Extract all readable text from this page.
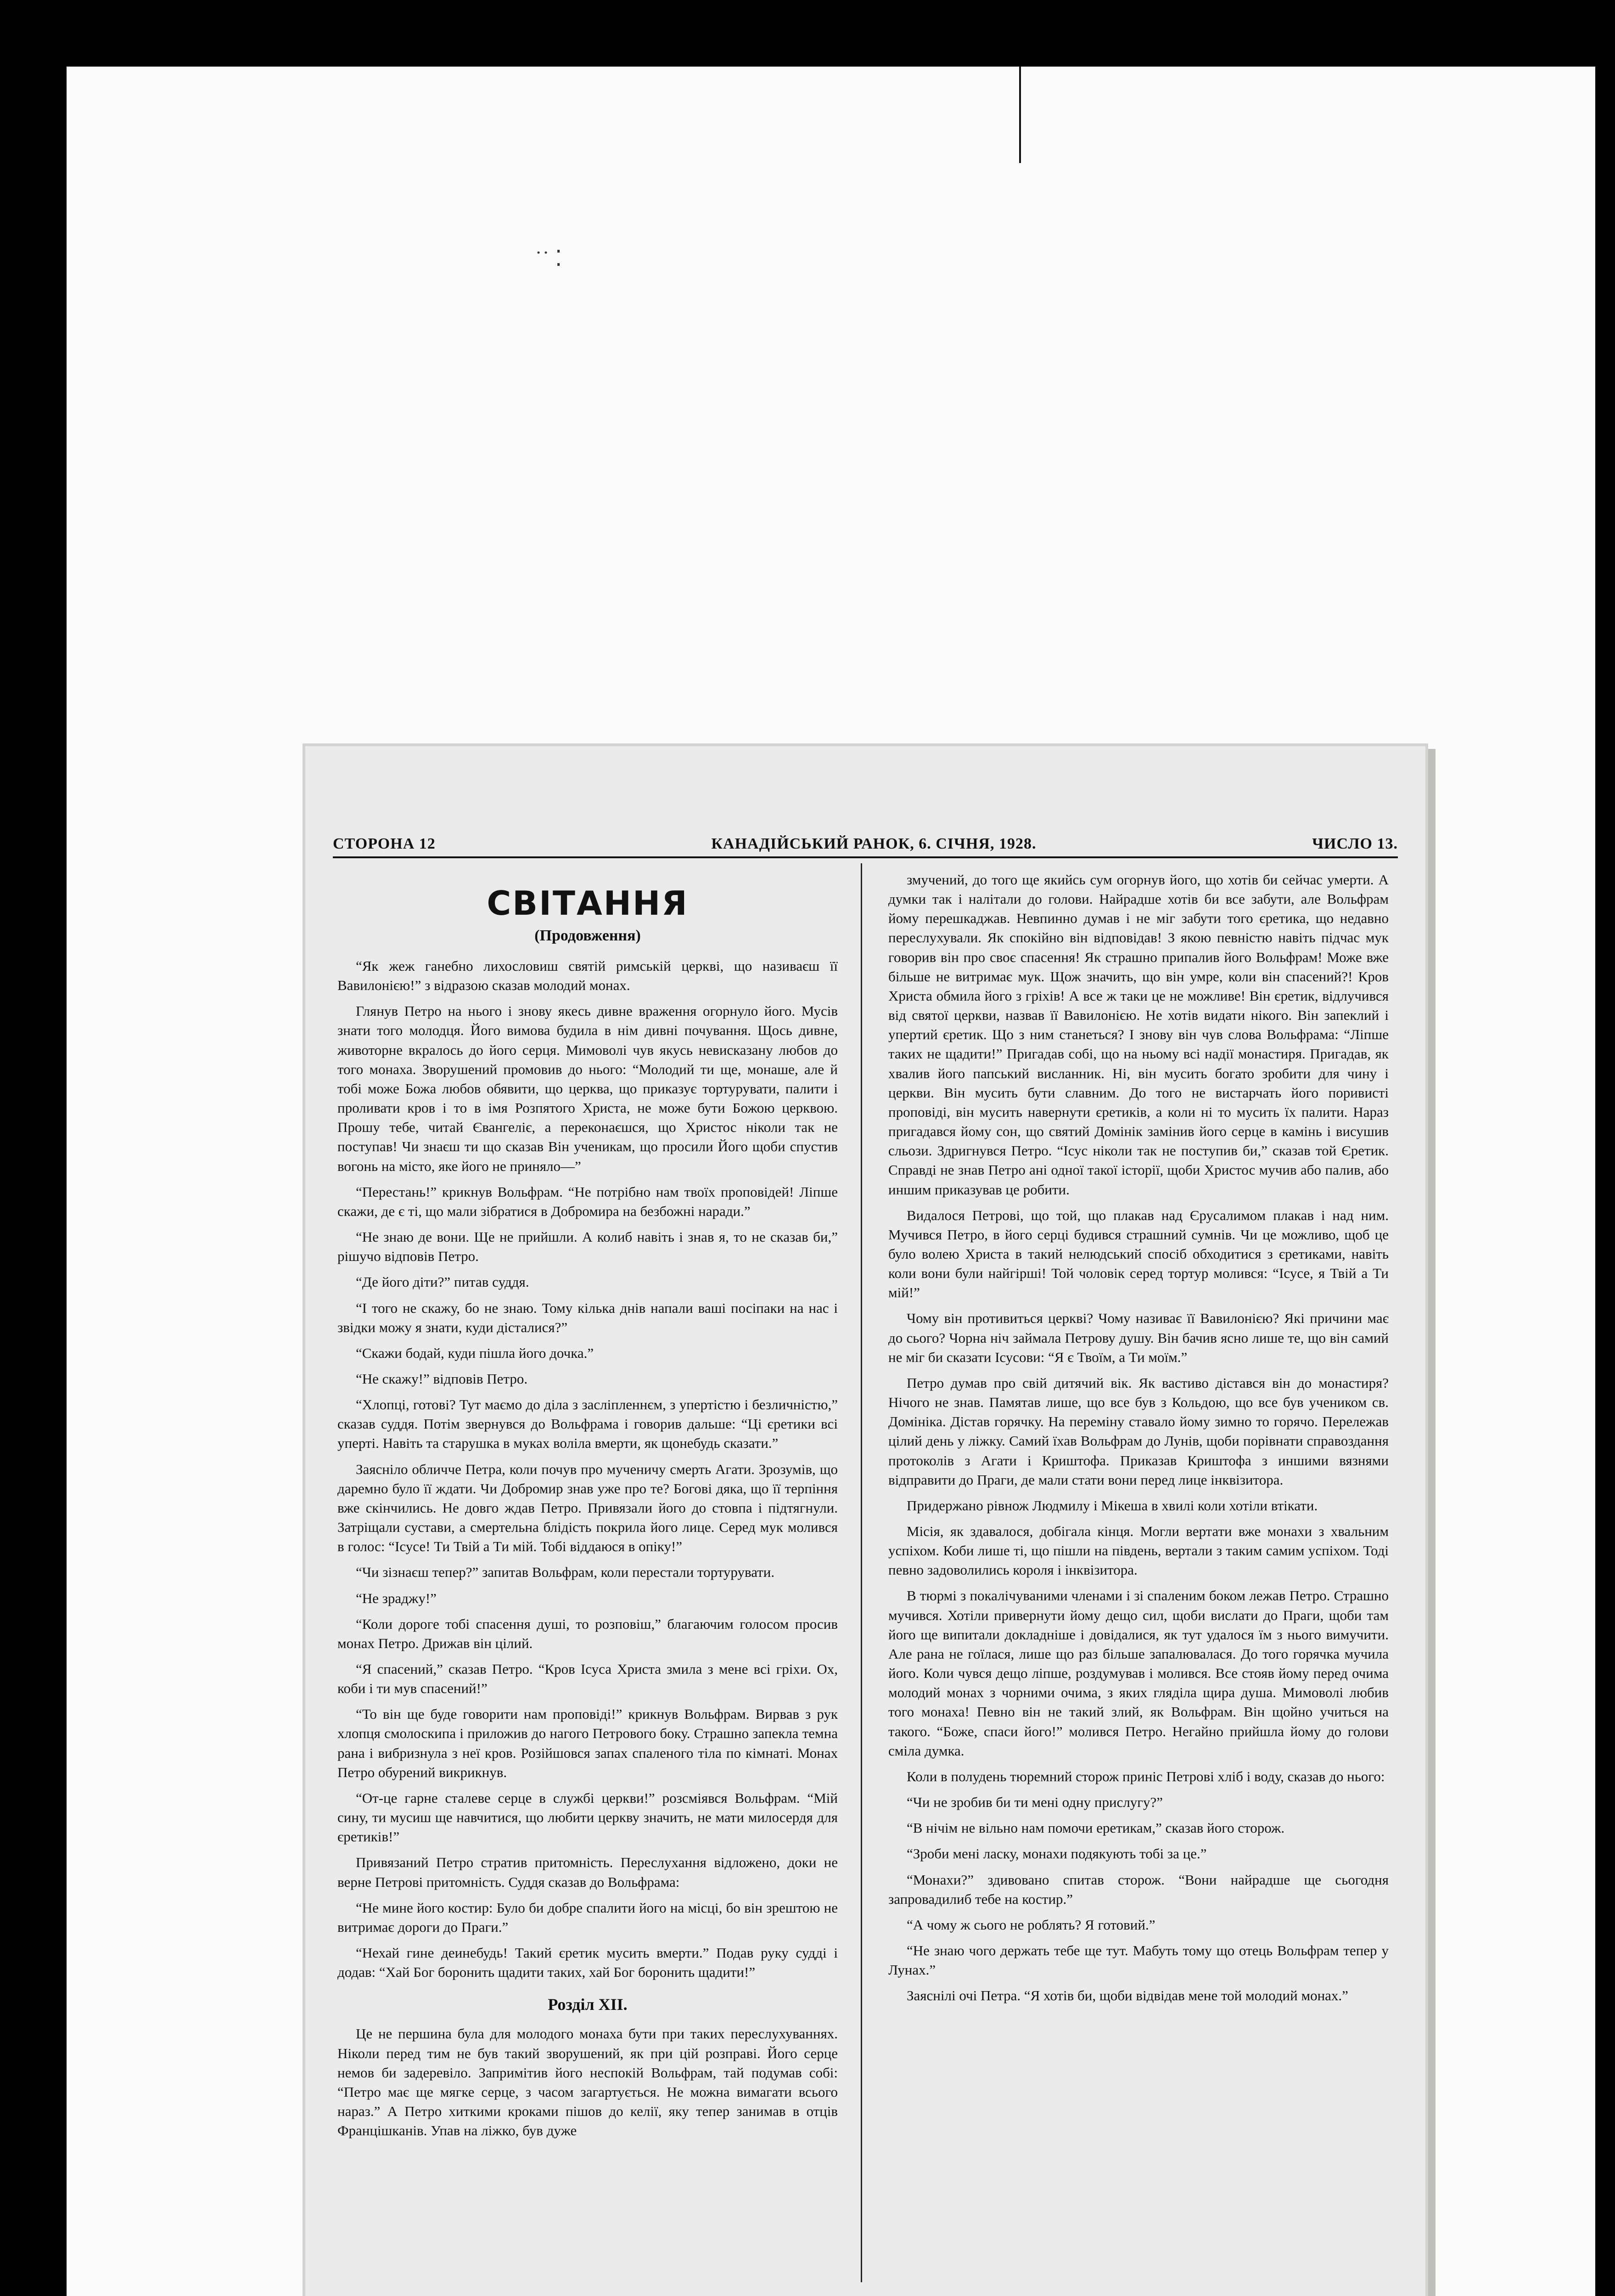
˙˙ ⁚
СТОРОНА 12	КАНАДІЙСЬКИЙ РАНОК, 6. СІЧНЯ, 1928.	ЧИСЛО 13.
СВІТАННЯ
(Продовження)

“Як жеж ганебно лихословиш святій римській церкві, що називаєш її Вавилонією!” з відразою сказав молодий монах.

Глянув Петро на нього і знову якесь дивне враження огорнуло його. Мусів знати того молодця. Його вимова будила в нім дивні почування. Щось дивне, животорне вкралось до його серця. Мимоволі чув якусь невисказану любов до того монаха. Зворушений промовив до нього: “Молодий ти ще, монаше, але й тобі може Божа любов обявити, що церква, що приказує тортурувати, палити і проливати кров і то в імя Розпятого Христа, не може бути Божою церквою. Прошу тебе, читай Євангеліє, а переконаєшся, що Христос ніколи так не поступав! Чи знаєш ти що сказав Він ученикам, що просили Його щоби спустив вогонь на місто, яке його не приняло—”

“Перестань!” крикнув Вольфрам. “Не потрібно нам твоїх проповідей! Лiпше скажи, де є ті, що мали зібратися в Добромира на безбожні наради.”

“Не знаю де вони. Ще не прийшли. А колиб навіть і знав я, то не сказав би,” рішучо відповів Петро.

“Де його діти?” питав суддя.

“І того не скажу, бо не знаю. Тому кілька днів напали ваші посіпаки на нас і звідки можу я знати, куди дісталися?”

“Скажи бодай, куди пішла його дочка.”

“Не скажу!” відповів Петро.

“Хлопці, готові? Тут маємо до діла з засліпленнєм, з упертістю і безличністю,” сказав суддя. Потім звернувся до Вольфрама і говорив дальше: “Ці єретики всі уперті. Навіть та старушка в муках воліла вмерти, як щонебудь сказати.”

Заяснілo обличче Петра, коли почув про мученичу смерть Агати. Зрозумів, що даремно було її ждати. Чи Добромир знав уже про те? Богові дяка, що її терпіння вже скінчились. Не довго ждав Петро. Привязали його до стовпа і підтягнули. Затріщали сустави, а смертельна блідість покрила його лице. Серед мук молився в голос: “Ісусе! Ти Твій а Ти мій. Тобі віддаюся в опіку!”

“Чи зізнаєш тепер?” запитав Вольфрам, коли перестали тортурувати.

“Не зраджу!”

“Коли дороге тобі спасення душі, то розповіш,” благаючим голосом просив монах Петро. Дрижав він цілий.

“Я спасений,” сказав Петро. “Кров Ісуса Христа змила з мене всі гріхи. Ох, коби і ти мув спасений!”

“То він ще буде говорити нам проповіді!” крикнув Вольфрам. Вирвав з рук хлопця смолоскипа і приложив до нагого Петрового боку. Страшно запекла темна рана і вибризнула з неї кров. Розійшовся запах спаленого тіла по кімнаті. Монах Петро обурений викрикнув.

“От-це гарне сталеве серце в службі церкви!” розсміявся Вольфрам. “Мій сину, ти мусиш ще навчитися, що любити церкву значить, не мати милосердя для єретиків!”

Привязаний Петро стратив притомність. Переслухання відложено, доки не верне Петрові притомність. Суддя сказав до Вольфрама:

“Не мине його костир: Було би добре спалити його на місці, бо він зрештою не витримає дороги до Праги.”

“Нехай гине деинебудь! Такий єретик мусить вмерти.” Подав руку судді і додав: “Хай Бог боронить щадити таких, хай Бог боронить щадити!”

Розділ XII.

Це не першина була для молодого монаха бути при таких переслухуваннях. Ніколи перед тим не був такий зворушений, як при цій розправі. Його серце немов би задеревіло. Запримітив його неспокій Вольфрам, тай подумав собі: “Петро має ще мягке серце, з часом загартується. Не можна вимагати всього нараз.” А Петро хиткими кроками пішов до келії, яку тепер занимав в отців Францішканів. Упав на ліжко, був дуже

змучений, до того ще якийсь сум огорнув його, що хотів би сейчас умерти. А думки так і налітали до голови. Найрадше хотів би все забути, але Вольфрам йому перешкаджав. Невпинно думав і не міг забути того єретика, що недавно переслухували. Як спокійно він відповідав! З якою певністю навіть підчас мук говорив він про своє спасення! Як страшно припалив його Вольфрам! Може вже більше не витримає мук. Щож значить, що він умре, коли він спасений?! Кров Христа обмила його з гріхів! А все ж таки це не можливе! Він єретик, відлучився від святої церкви, назвав її Вавилонією. Не хотів видати нікого. Він запеклий і упертий єретик. Що з ним станеться? І знову він чув слова Вольфрама: “Лiпше таких не щадити!” Пригадав собі, що на ньому всі надії монастиря. Пригадав, як хвалив його папський висланник. Ні, він мусить богато зробити для чину і церкви. Він мусить бути славним. До того не вистарчать його поривисті проповіді, він мусить навернути єретиків, а коли ні то мусить їх палити. Нараз пригадався йому сон, що святий Домінік замінив його серце в камінь і висушив сльози. Здригнувся Петро. “Ісус ніколи так не поступив би,” сказав той Єретик. Справді не знав Петро ані одної такої історії, щоби Христос мучив або палив, або иншим приказував це робити.

Видалося Петрові, що той, що плакав над Єрусалимом плакав і над ним. Мучився Петро, в його серці будився страшний сумнів. Чи це можливо, щоб це було волею Христа в такий нелюдський спосіб обходитися з єретиками, навіть коли вони були найгірші! Той чоловік серед тортур молився: “Ісусе, я Твій а Ти мій!”

Чому він противиться церкві? Чому називає її Вавилонією? Які причини має до сього? Чорна ніч займала Петрову душу. Він бачив ясно лише те, що він самий не міг би сказати Ісусови: “Я є Твоїм, а Ти моїм.”

Петро думав про свій дитячий вік. Як вастиво дістався він до монастиря? Нічого не знав. Памятав лише, що все був з Кольдою, що все був учеником св. Домініка. Дістав горячку. На переміну ставало йому зимно то горячо. Перележав цілий день у ліжку. Самий їхав Вольфрам до Лунів, щоби порівнати справоздання протоколів з Агати і Криштофа. Приказав Криштофа з иншими вязнями відправити до Праги, де мали стати вони перед лице інквізитора.

Придержано рівнож Людмилу і Мікеша в хвилі коли хотіли втікати.

Місія, як здавалося, добігала кінця. Могли вертати вже монахи з хвальним успіхом. Коби лише ті, що пішли на південь, вертали з таким самим успіхом. Тоді певно задоволились короля і інквізитора.

В тюрмі з покалічуваними членами і зі спаленим боком лежав Петро. Страшно мучився. Хотіли привернути йому дещо сил, щоби вислати до Праги, щоби там його ще випитали докладніше і довідалися, як тут удалося їм з нього вимучити. Але рана не гоїлася, лише що раз більше запалювалася. До того горячка мучила його. Коли чувся дещо лiпше, роздумував і молився. Все стояв йому перед очима молодий монах з чорними очима, з яких гляділа щира душа. Мимоволі любив того монаха! Певно він не такий злий, як Вольфрам. Він щойно учиться на такого. “Боже, спаси його!” молився Петро. Негайно прийшла йому до голови сміла думка.

Коли в полудень тюремний сторож приніс Петрові хліб і воду, сказав до нього:

“Чи не зробив би ти мені одну прислугу?”

“В нічім не вільно нам помочи еретикам,” сказав його сторож.

“Зроби мені ласку, монахи подякують тобі за це.”

“Монахи?” здивовано спитав сторож. “Вони найрадше ще сьогодня запровадилиб тебе на костир.”

“А чому ж сього не роблять? Я готовий.”

“Не знаю чого держать тебе ще тут. Мабуть тому що отець Вольфрам тепер у Лунах.”

Заяснілі очі Петра. “Я хотів би, щоби відвідав мене той молодий монах.”
